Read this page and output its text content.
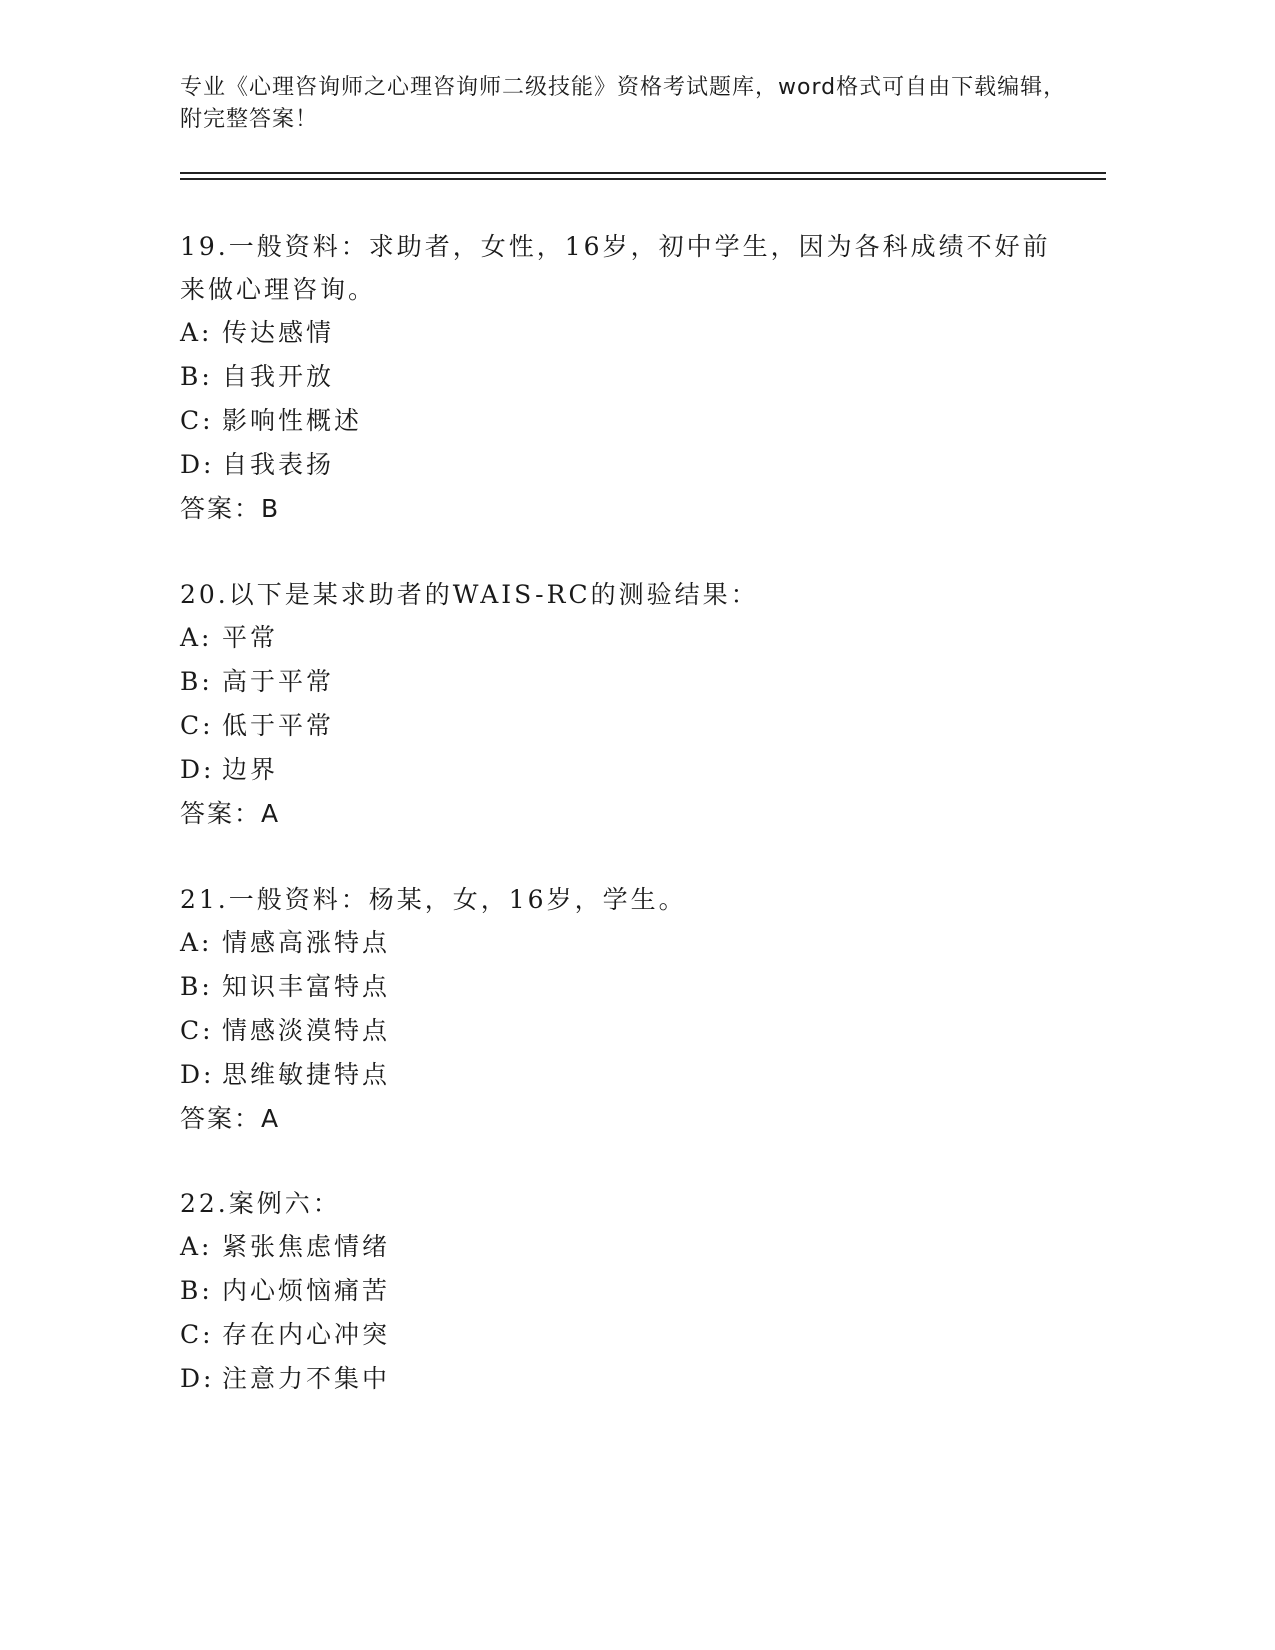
专业《心理咨询师之心理咨询师二级技能》资格考试题库，word格式可自由下载编辑，附完整答案！

19.一般资料：求助者，女性，16岁，初中学生，因为各科成绩不好前来做心理咨询。

A: 传达感情
B: 自我开放
C: 影响性概述
D: 自我表扬
答案：B

20.以下是某求助者的WAIS-RC的测验结果：

A: 平常
B: 高于平常
C: 低于平常
D: 边界
答案：A

21.一般资料：杨某，女，16岁，学生。

A: 情感高涨特点
B: 知识丰富特点
C: 情感淡漠特点
D: 思维敏捷特点
答案：A

22.案例六：

A: 紧张焦虑情绪
B: 内心烦恼痛苦
C: 存在内心冲突
D: 注意力不集中
